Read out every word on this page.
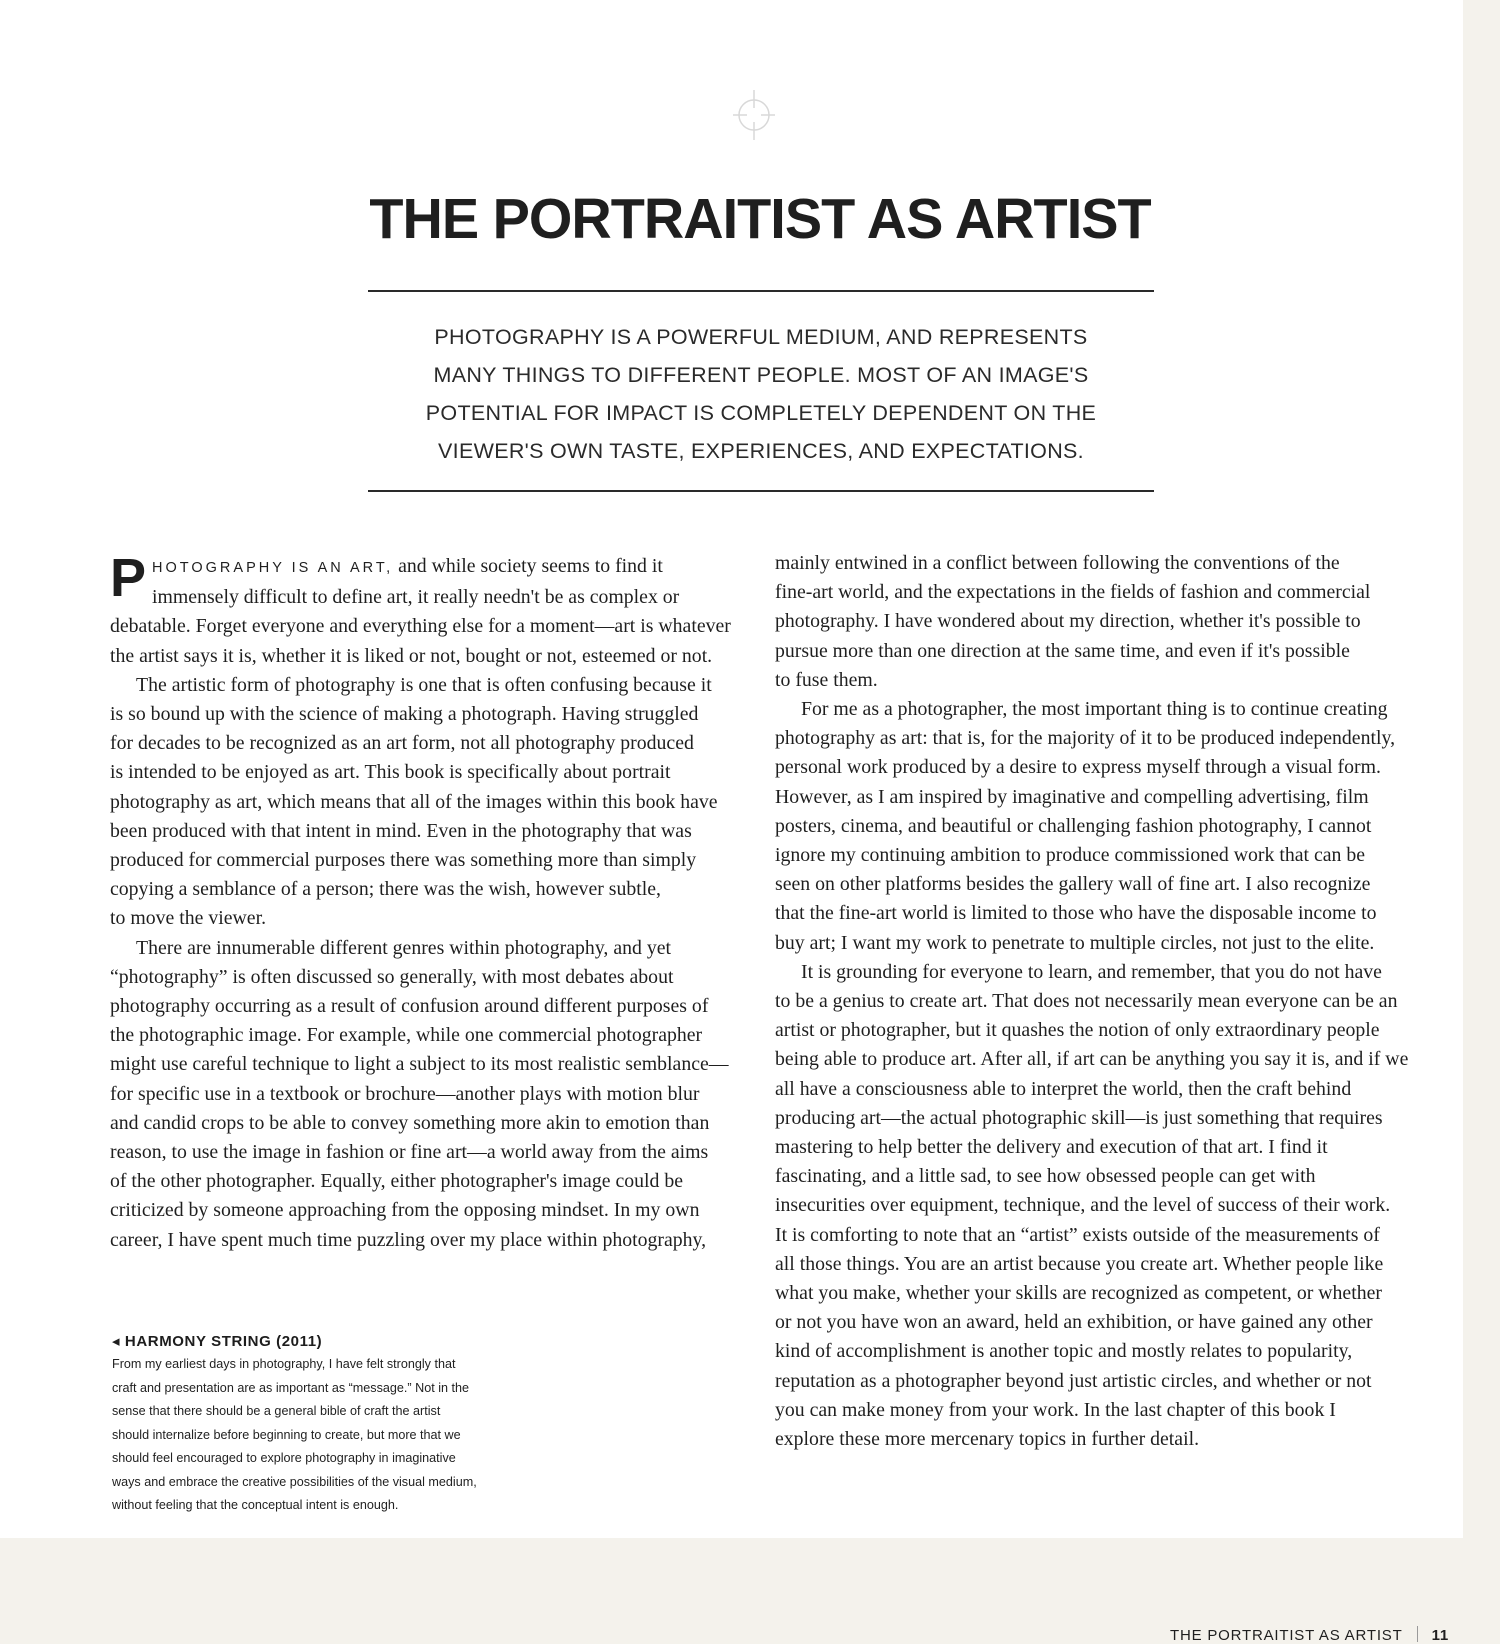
THE PORTRAITIST AS ARTIST
PHOTOGRAPHY IS A POWERFUL MEDIUM, AND REPRESENTS
MANY THINGS TO DIFFERENT PEOPLE. MOST OF AN IMAGE'S
POTENTIAL FOR IMPACT IS COMPLETELY DEPENDENT ON THE
VIEWER'S OWN TASTE, EXPERIENCES, AND EXPECTATIONS.
P HOTOGRAPHY IS AN ART, and while society seems to find it
immensely difficult to define art, it really needn't be as complex or
debatable. Forget everyone and everything else for a moment—art is whatever
the artist says it is, whether it is liked or not, bought or not, esteemed or not.
The artistic form of photography is one that is often confusing because it
is so bound up with the science of making a photograph. Having struggled
for decades to be recognized as an art form, not all photography produced
is intended to be enjoyed as art. This book is specifically about portrait
photography as art, which means that all of the images within this book have
been produced with that intent in mind. Even in the photography that was
produced for commercial purposes there was something more than simply
copying a semblance of a person; there was the wish, however subtle,
to move the viewer.
There are innumerable different genres within photography, and yet
“photography” is often discussed so generally, with most debates about
photography occurring as a result of confusion around different purposes of
the photographic image. For example, while one commercial photographer
might use careful technique to light a subject to its most realistic semblance—
for specific use in a textbook or brochure—another plays with motion blur
and candid crops to be able to convey something more akin to emotion than
reason, to use the image in fashion or fine art—a world away from the aims
of the other photographer. Equally, either photographer's image could be
criticized by someone approaching from the opposing mindset. In my own
career, I have spent much time puzzling over my place within photography,
mainly entwined in a conflict between following the conventions of the
fine-art world, and the expectations in the fields of fashion and commercial
photography. I have wondered about my direction, whether it's possible to
pursue more than one direction at the same time, and even if it's possible
to fuse them.
For me as a photographer, the most important thing is to continue creating
photography as art: that is, for the majority of it to be produced independently,
personal work produced by a desire to express myself through a visual form.
However, as I am inspired by imaginative and compelling advertising, film
posters, cinema, and beautiful or challenging fashion photography, I cannot
ignore my continuing ambition to produce commissioned work that can be
seen on other platforms besides the gallery wall of fine art. I also recognize
that the fine-art world is limited to those who have the disposable income to
buy art; I want my work to penetrate to multiple circles, not just to the elite.
It is grounding for everyone to learn, and remember, that you do not have
to be a genius to create art. That does not necessarily mean everyone can be an
artist or photographer, but it quashes the notion of only extraordinary people
being able to produce art. After all, if art can be anything you say it is, and if we
all have a consciousness able to interpret the world, then the craft behind
producing art—the actual photographic skill—is just something that requires
mastering to help better the delivery and execution of that art. I find it
fascinating, and a little sad, to see how obsessed people can get with
insecurities over equipment, technique, and the level of success of their work.
It is comforting to note that an “artist” exists outside of the measurements of
all those things. You are an artist because you create art. Whether people like
what you make, whether your skills are recognized as competent, or whether
or not you have won an award, held an exhibition, or have gained any other
kind of accomplishment is another topic and mostly relates to popularity,
reputation as a photographer beyond just artistic circles, and whether or not
you can make money from your work. In the last chapter of this book I
explore these more mercenary topics in further detail.
◂ HARMONY STRING (2011)
From my earliest days in photography, I have felt strongly that
craft and presentation are as important as “message.” Not in the
sense that there should be a general bible of craft the artist
should internalize before beginning to create, but more that we
should feel encouraged to explore photography in imaginative
ways and embrace the creative possibilities of the visual medium,
without feeling that the conceptual intent is enough.
THE PORTRAITIST AS ARTIST 11
